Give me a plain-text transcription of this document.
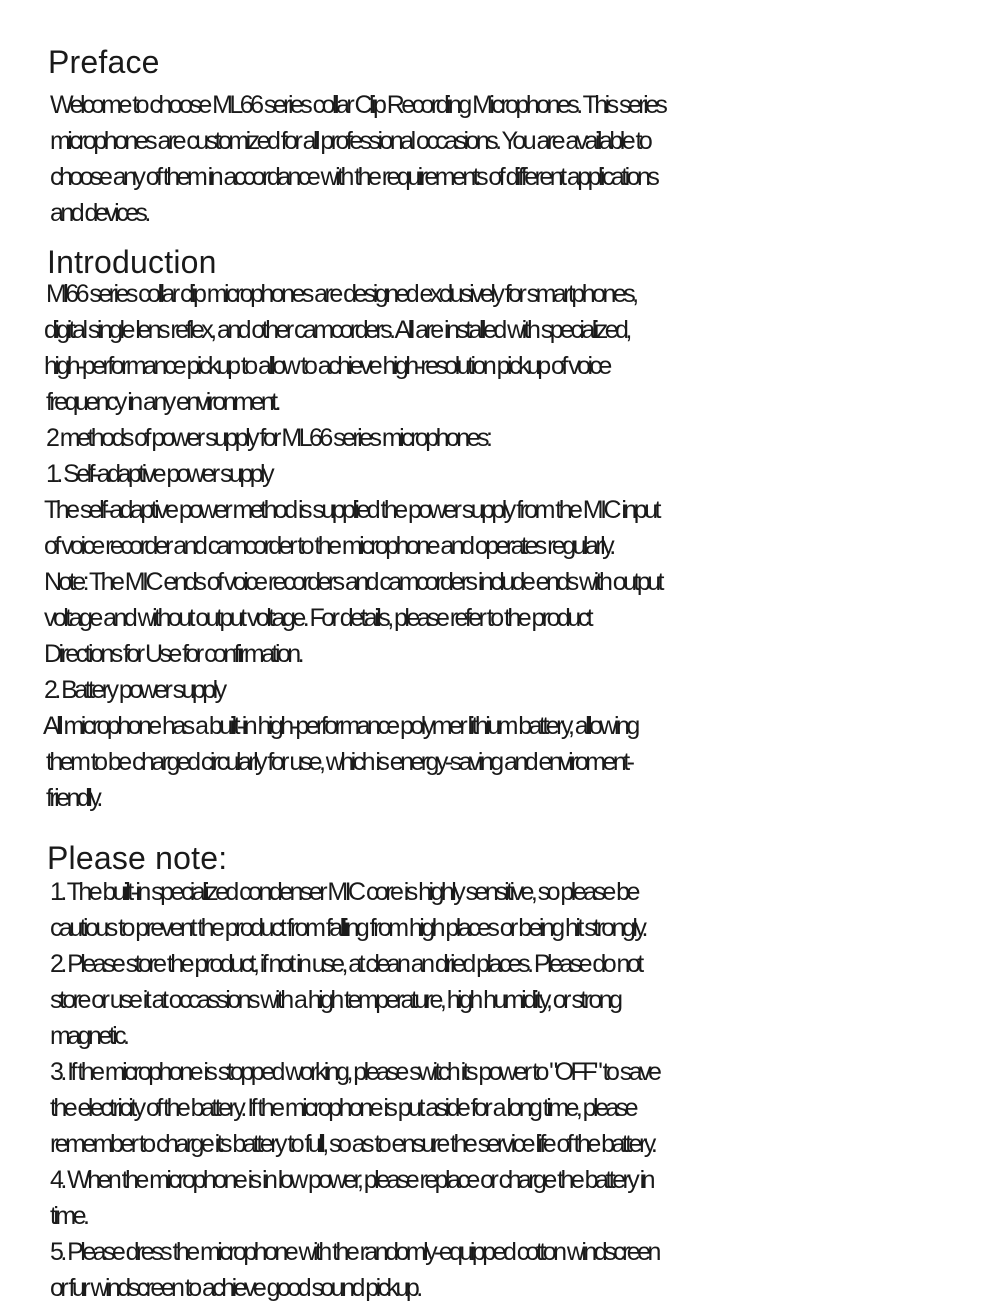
Preface

Welcome to choose ML66 series collar Clip Recording Microphones. This series
microphones are customized for all professional occasions. You are available to
choose any of them in accordance with the requirements of different applications
and devices.

Introduction

Ml66 series collar clip microphones are designed exclusively for smartphones,
digital single lens reflex, and other camcorders. All are installed with specialized,
high-performance pickup to allow to achieve high-resolution pickup of voice
frequency in any environment.
2 methods of power supply for ML66 series microphones:
1. Self-adaptive power supply
The self-adaptive power method is supplied the power supply from the MIC input
of voice recorder and camcorder to the microphone and operates regularly.
Note: The MIC ends of voice recorders and camcorders include ends with output
voltage and without output voltage. For details, please refer to the product
Directions for Use for confirmation.
2. Battery power supply
All microphone has a built-in high-performance polymer lithium battery, allowing
them to be charged circularly for use, which is energy-saving and enviroment-
friendly.

Please note:

1. The built-in specialized condenser MIC core is highly sensitive, so please be
cautious to prevent the product from falling from high places or being hit strongly.
2. Please store the product, if not in use, at clean an dried places. Please do not
store or use it at occassions with a high temperature, high humidity, or strong
magnetic.
3. If the microphone is stopped working, please switch its power to "OFF" to save
the electricity of the battery. If the microphone is put aside for a long time, please
remember to charge its battery to full, so as to ensure the service life of the battery.
4. When the microphone is in low power, please replace or charge the battery in
time.
5. Please dress the microphone with the randomly-equipped cotton windscreen
or fur windscreen to achieve good sound pickup.
